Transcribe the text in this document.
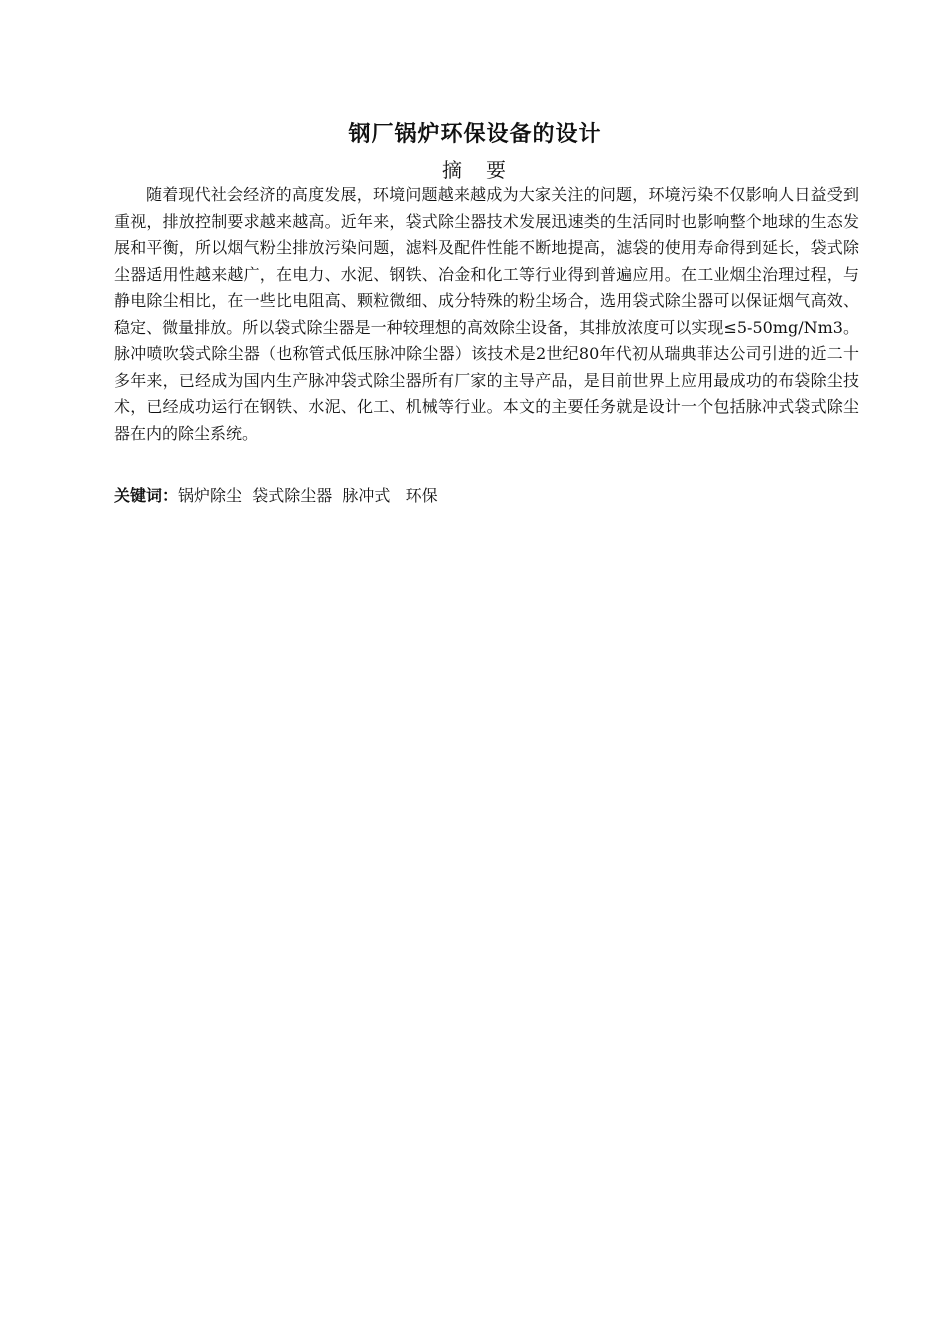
钢厂锅炉环保设备的设计
摘　要

随着现代社会经济的高度发展，环境问题越来越成为大家关注的问题，环境污染不仅影响人日益受到重视，排放控制要求越来越高。近年来，袋式除尘器技术发展迅速类的生活同时也影响整个地球的生态发展和平衡，所以烟气粉尘排放污染问题，滤料及配件性能不断地提高，滤袋的使用寿命得到延长，袋式除尘器适用性越来越广，在电力、水泥、钢铁、冶金和化工等行业得到普遍应用。在工业烟尘治理过程，与静电除尘相比，在一些比电阻高、颗粒微细、成分特殊的粉尘场合，选用袋式除尘器可以保证烟气高效、稳定、微量排放。所以袋式除尘器是一种较理想的高效除尘设备，其排放浓度可以实现≤5-50mg/Nm3。脉冲喷吹袋式除尘器（也称管式低压脉冲除尘器）该技术是2世纪80年代初从瑞典菲达公司引进的近二十多年来，已经成为国内生产脉冲袋式除尘器所有厂家的主导产品，是目前世界上应用最成功的布袋除尘技术，已经成功运行在钢铁、水泥、化工、机械等行业。本文的主要任务就是设计一个包括脉冲式袋式除尘器在内的除尘系统。

关键词：锅炉除尘  袋式除尘器  脉冲式   环保
